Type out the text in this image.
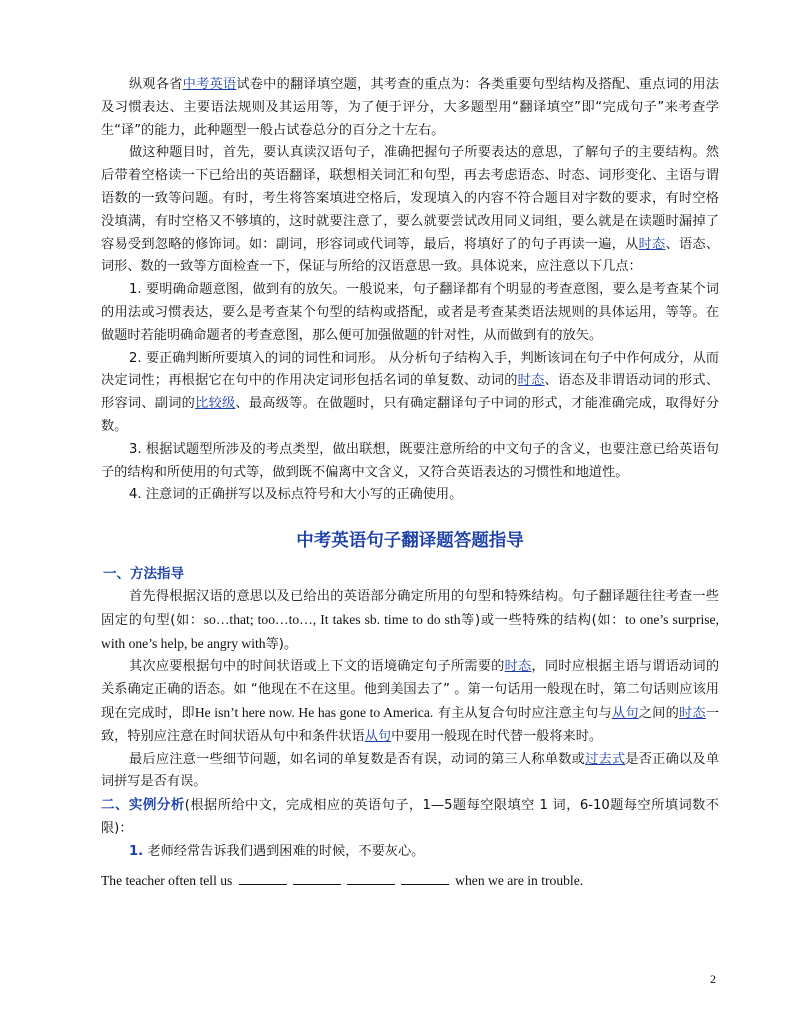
纵观各省中考英语试卷中的翻译填空题，其考查的重点为：各类重要句型结构及搭配、重点词的用法及习惯表达、主要语法规则及其运用等，为了便于评分，大多题型用“翻译填空”即“完成句子”来考查学生“译”的能力，此种题型一般占试卷总分的百分之十左右。

做这种题目时，首先，要认真读汉语句子，准确把握句子所要表达的意思，了解句子的主要结构。然后带着空格读一下已给出的英语翻译，联想相关词汇和句型，再去考虑语态、时态、词形变化、主语与谓语数的一致等问题。有时，考生将答案填进空格后，发现填入的内容不符合题目对字数的要求，有时空格没填满，有时空格又不够填的，这时就要注意了，要么就要尝试改用同义词组，要么就是在读题时漏掉了容易受到忽略的修饰词。如：副词，形容词或代词等，最后，将填好了的句子再读一遍，从时态、语态、词形、数的一致等方面检查一下，保证与所给的汉语意思一致。具体说来，应注意以下几点：

1. 要明确命题意图，做到有的放矢。一般说来，句子翻译都有个明显的考查意图，要么是考查某个词的用法或习惯表达，要么是考查某个句型的结构或搭配，或者是考查某类语法规则的具体运用，等等。在做题时若能明确命题者的考查意图，那么便可加强做题的针对性，从而做到有的放矢。

2. 要正确判断所要填入的词的词性和词形。 从分析句子结构入手，判断该词在句子中作何成分，从而决定词性；再根据它在句中的作用决定词形包括名词的单复数、动词的时态、语态及非谓语动词的形式、形容词、副词的比较级、最高级等。在做题时，只有确定翻译句子中词的形式，才能准确完成，取得好分数。

3. 根据试题型所涉及的考点类型，做出联想，既要注意所给的中文句子的含义，也要注意已给英语句子的结构和所使用的句式等，做到既不偏离中文含义，又符合英语表达的习惯性和地道性。

4. 注意词的正确拼写以及标点符号和大小写的正确使用。

中考英语句子翻译题答题指导

一、方法指导

首先得根据汉语的意思以及已给出的英语部分确定所用的句型和特殊结构。句子翻译题往往考查一些固定的句型(如：so…that; too…to…, It takes sb. time to do sth等)或一些特殊的结构(如：to one’s surprise, with one’s help, be angry with等)。

其次应要根据句中的时间状语或上下文的语境确定句子所需要的时态，同时应根据主语与谓语动词的关系确定正确的语态。如 “他现在不在这里。他到美国去了” 。第一句话用一般现在时，第二句话则应该用现在完成时，即He isn’t here now. He has gone to America. 有主从复合句时应注意主句与从句之间的时态一致，特别应注意在时间状语从句中和条件状语从句中要用一般现在时代替一般将来时。

最后应注意一些细节问题，如名词的单复数是否有误，动词的第三人称单数或过去式是否正确以及单词拼写是否有误。

二、实例分析(根据所给中文，完成相应的英语句子，1—5题每空限填空 1 词，6-10题每空所填词数不限)：

1. 老师经常告诉我们遇到困难的时候，不要灰心。

The teacher often tell us	when we are in trouble.

2
